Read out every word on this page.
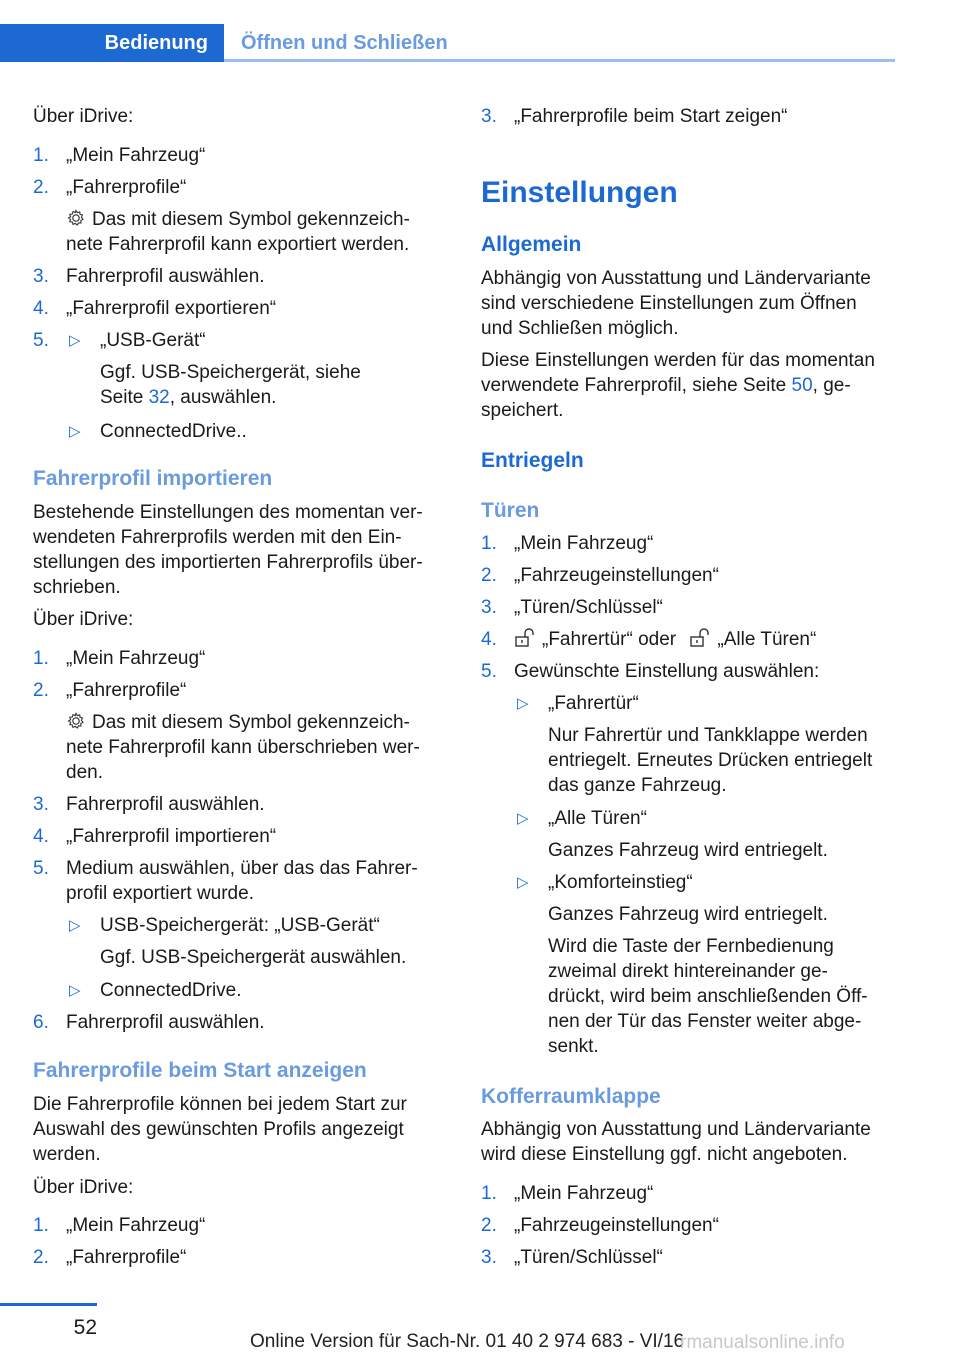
Bedienung	Öffnen und Schließen
Über iDrive:
1. „Mein Fahrzeug“
2. „Fahrerprofile“
Das mit diesem Symbol gekennzeich-
nete Fahrerprofil kann exportiert werden.
3. Fahrerprofil auswählen.
4. „Fahrerprofil exportieren“
5. ▷ „USB-Gerät“
Ggf. USB-Speichergerät, siehe
Seite 32, auswählen.
▷ ConnectedDrive..
Fahrerprofil importieren
Bestehende Einstellungen des momentan ver-
wendeten Fahrerprofils werden mit den Ein-
stellungen des importierten Fahrerprofils über-
schrieben.
Über iDrive:
1. „Mein Fahrzeug“
2. „Fahrerprofile“
Das mit diesem Symbol gekennzeich-
nete Fahrerprofil kann überschrieben wer-
den.
3. Fahrerprofil auswählen.
4. „Fahrerprofil importieren“
5. Medium auswählen, über das das Fahrer-
profil exportiert wurde.
▷ USB-Speichergerät: „USB-Gerät“
Ggf. USB-Speichergerät auswählen.
▷ ConnectedDrive.
6. Fahrerprofil auswählen.
Fahrerprofile beim Start anzeigen
Die Fahrerprofile können bei jedem Start zur
Auswahl des gewünschten Profils angezeigt
werden.
Über iDrive:
1. „Mein Fahrzeug“
2. „Fahrerprofile“
3. „Fahrerprofile beim Start zeigen“
Einstellungen
Allgemein
Abhängig von Ausstattung und Ländervariante
sind verschiedene Einstellungen zum Öffnen
und Schließen möglich.
Diese Einstellungen werden für das momentan
verwendete Fahrerprofil, siehe Seite 50, ge-
speichert.
Entriegeln
Türen
1. „Mein Fahrzeug“
2. „Fahrzeugeinstellungen“
3. „Türen/Schlüssel“
4.	„Fahrertür“ oder „Alle Türen“
5. Gewünschte Einstellung auswählen:
▷ „Fahrertür“
Nur Fahrertür und Tankklappe werden
entriegelt. Erneutes Drücken entriegelt
das ganze Fahrzeug.
▷ „Alle Türen“
Ganzes Fahrzeug wird entriegelt.
▷ „Komforteinstieg“
Ganzes Fahrzeug wird entriegelt.
Wird die Taste der Fernbedienung
zweimal direkt hintereinander ge-
drückt, wird beim anschließenden Öff-
nen der Tür das Fenster weiter abge-
senkt.
Kofferraumklappe
Abhängig von Ausstattung und Ländervariante
wird diese Einstellung ggf. nicht angeboten.
1. „Mein Fahrzeug“
2. „Fahrzeugeinstellungen“
3. „Türen/Schlüssel“
52
Online Version für Sach-Nr. 01 40 2 974 683 - VI/16
rmanualsonline.info
